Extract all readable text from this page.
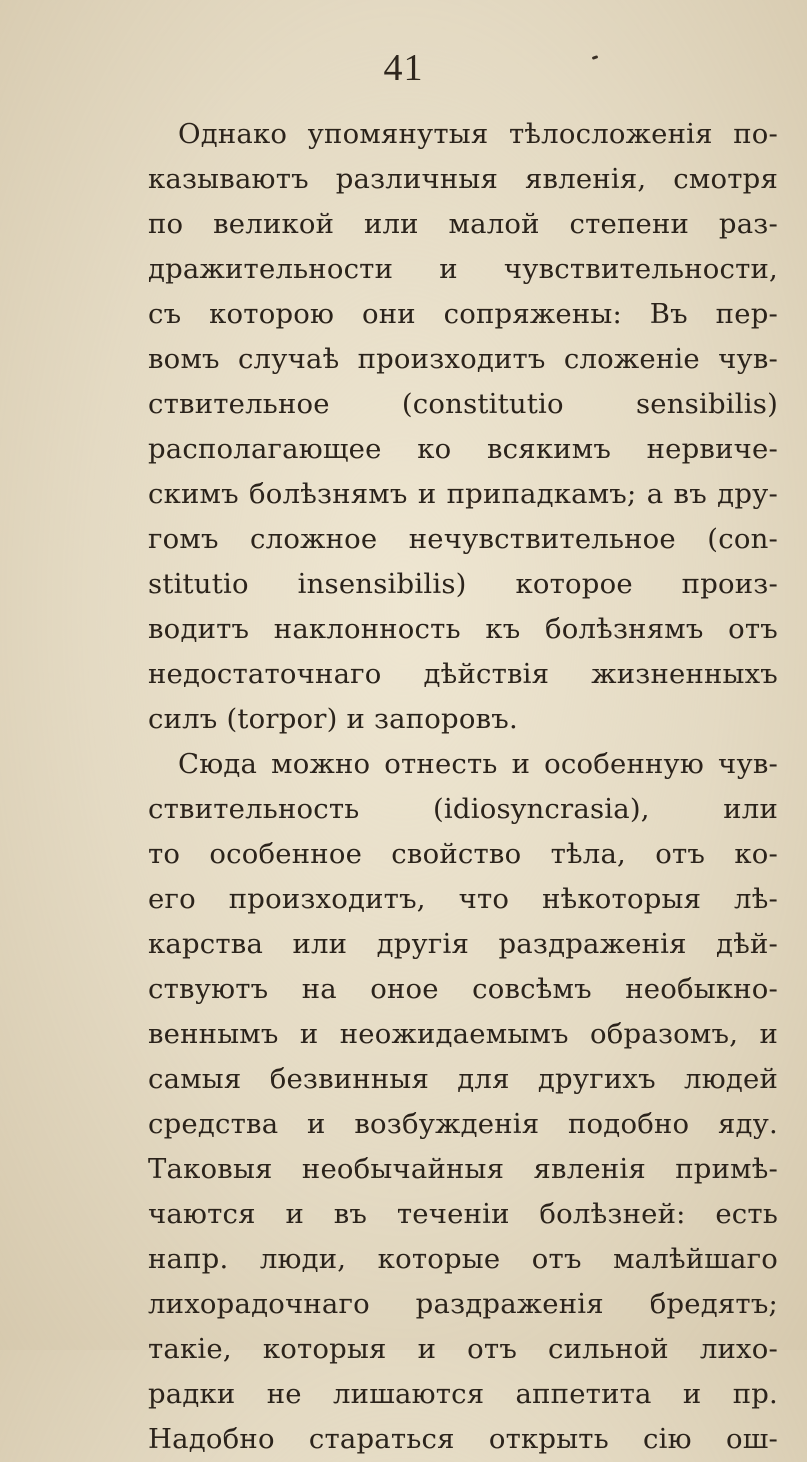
41
Однако упомянутыя тѣлосложенія по-
казываютъ различныя явленія, смотря
по великой или малой степени раз-
дражительности и чувствительности,
съ которою они сопряжены: Въ пер-
вомъ случаѣ произходитъ сложеніе чув-
ствительное (constitutio sensibilis)
располагающее ко всякимъ нервиче-
скимъ болѣзнямъ и припадкамъ; а въ дру-
гомъ сложное нечувствительное (con-
stitutio insensibilis) которое произ-
водитъ наклонность къ болѣзнямъ отъ
недостаточнаго дѣйствія жизненныхъ
силъ (torpor) и запоровъ.
Сюда можно отнесть и особенную чув-
ствительность (idiosyncrasia), или
то особенное свойство тѣла, отъ ко-
его произходитъ, что нѣкоторыя лѣ-
карства или другія раздраженія дѣй-
ствуютъ на оное совсѣмъ необыкно-
веннымъ и неожидаемымъ образомъ, и
самыя безвинныя для другихъ людей
средства и возбужденія подобно яду.
Таковыя необычайныя явленія примѣ-
чаются и въ теченіи болѣзней: есть
напр. люди, которые отъ малѣйшаго
лихорадочнаго раздраженія бредятъ;
такіе, которыя и отъ сильной лихо-
радки не лишаются аппетита и пр.
Надобно стараться открыть сію ош-
